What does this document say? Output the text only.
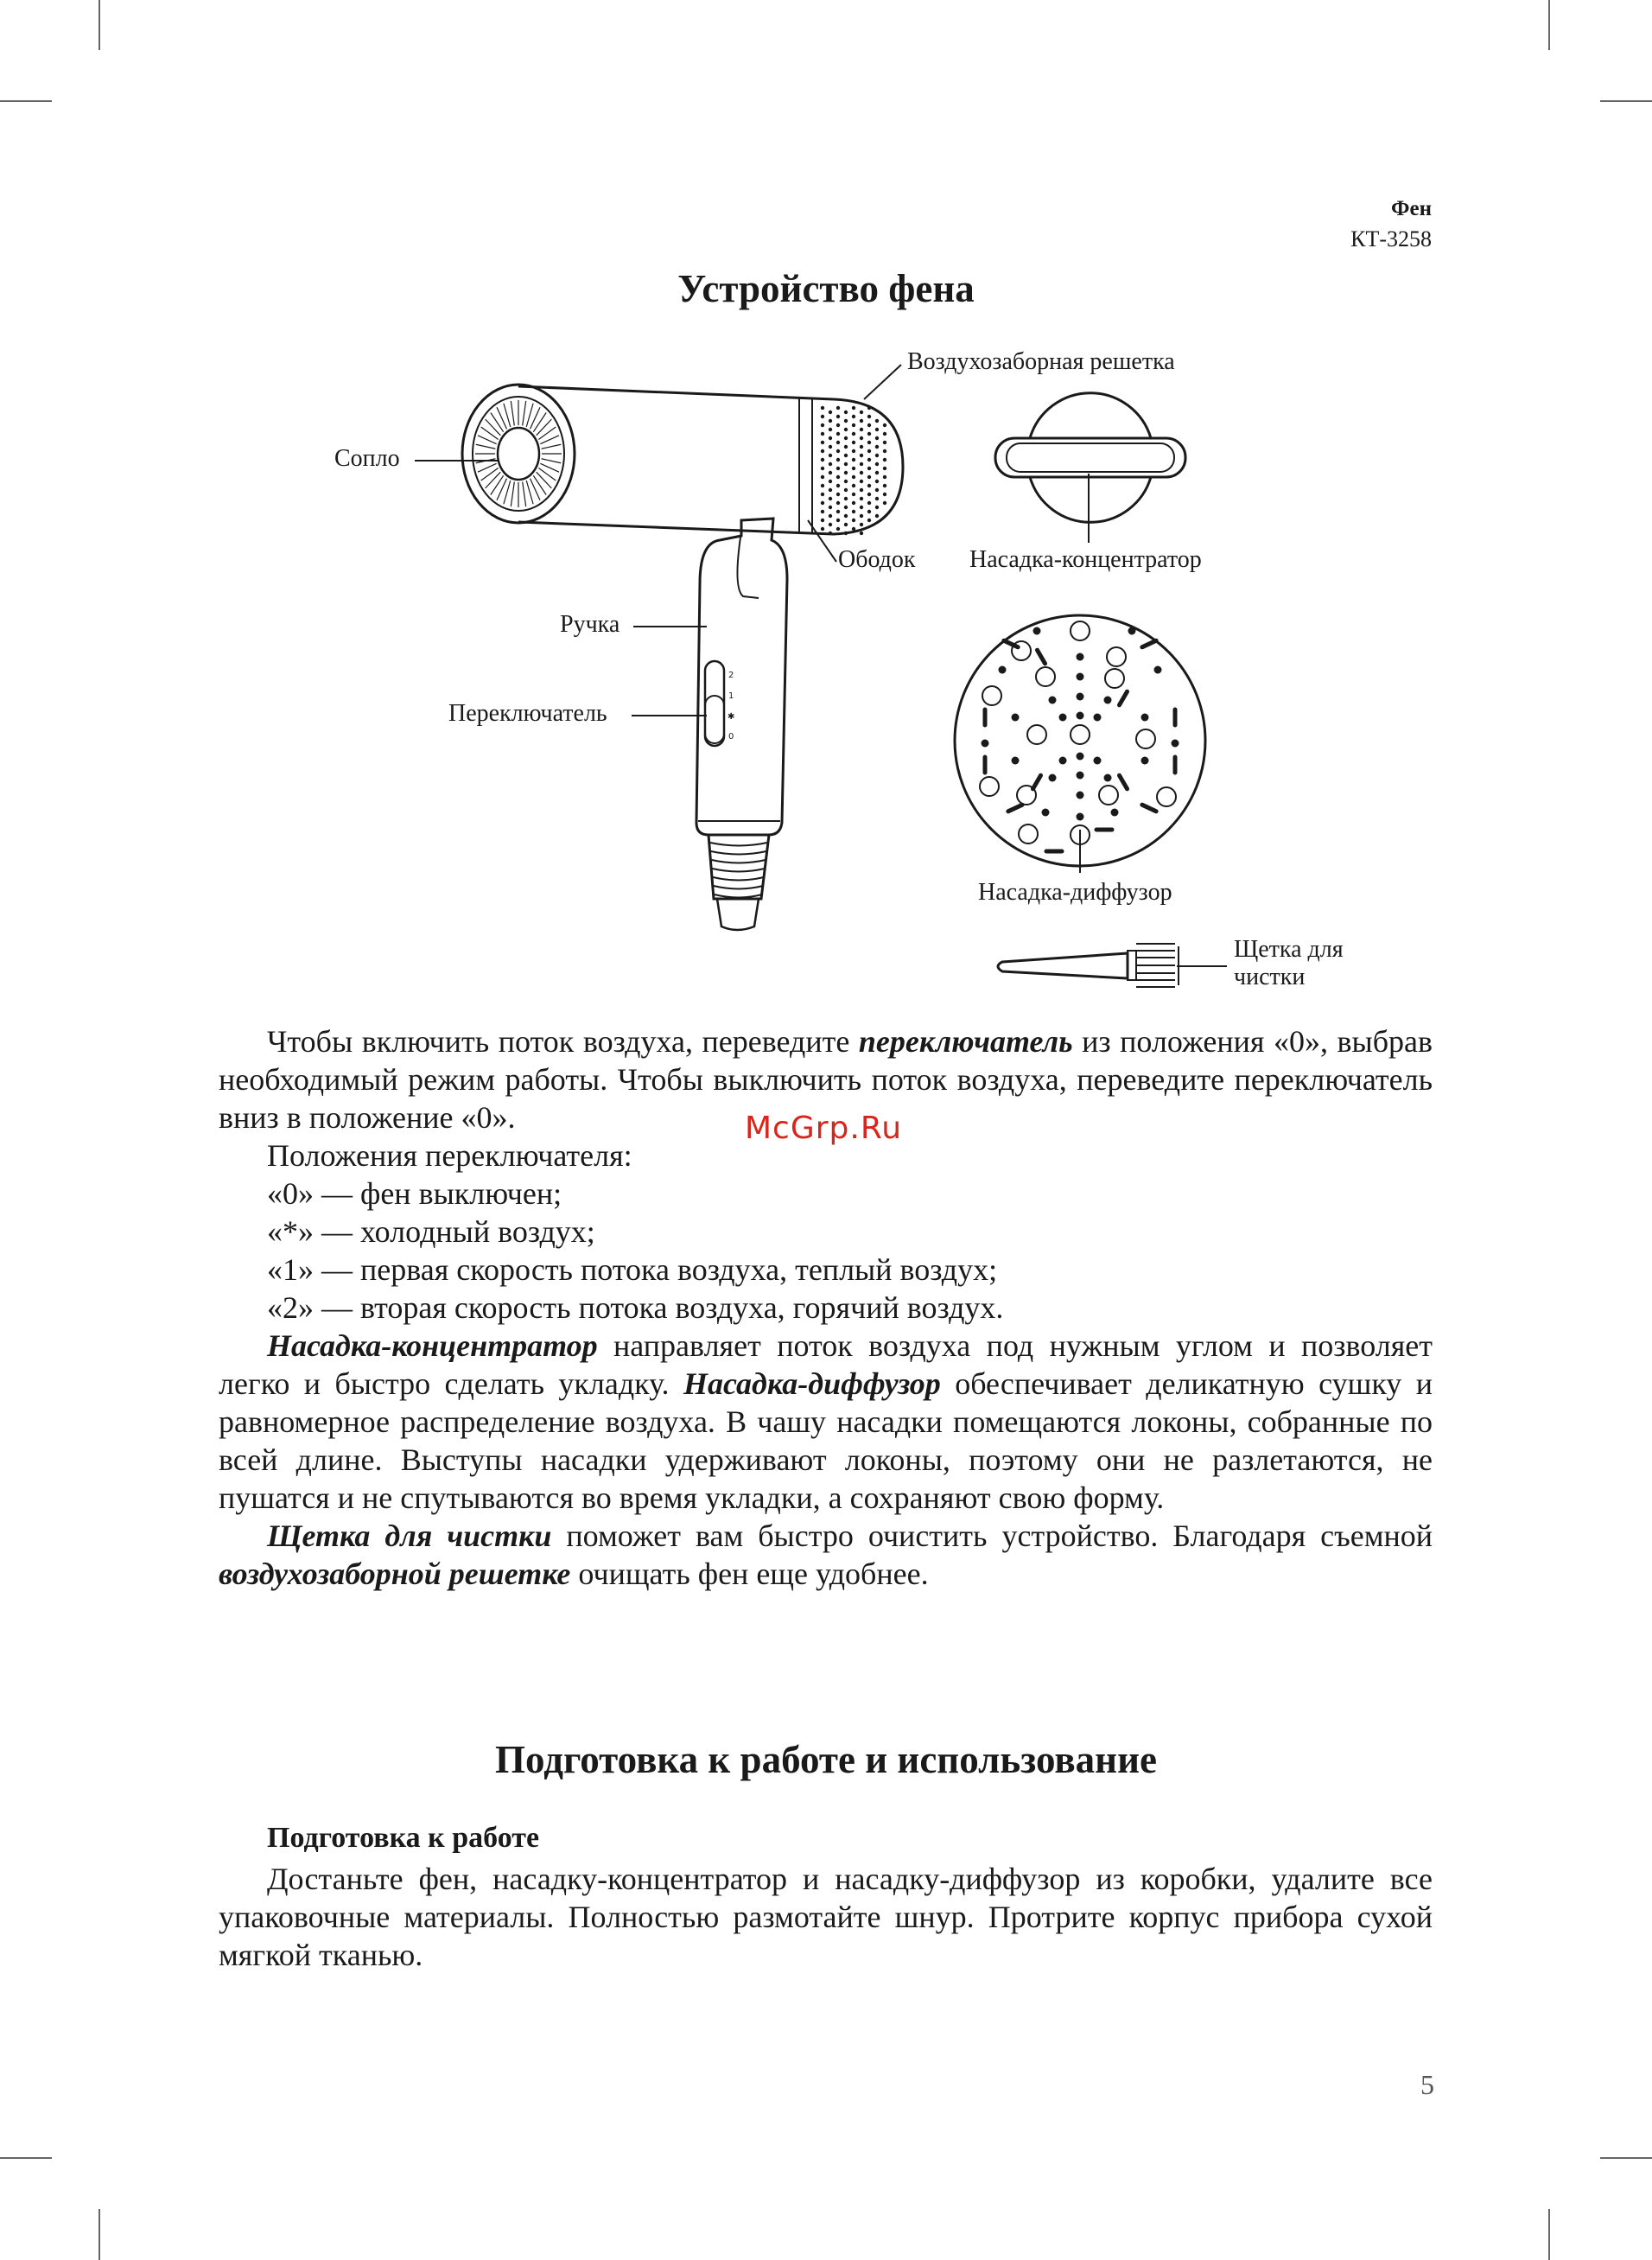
Фен
КТ-3258
Устройство фена
2
1
✱
0
Воздухозаборная решетка
Сопло
Ободок Насадка-концентратор
Ручка
Переключатель
Насадка-диффузор
Щетка для
чистки

Чтобы включить поток воздуха, переведите переключатель из положения «0», выбрав необходимый режим работы. Чтобы выключить поток воздуха, переведите переключатель вниз в положение «0».

Положения переключателя:

«0» — фен выключен;

«*» — холодный воздух;

«1» — первая скорость потока воздуха, теплый воздух;

«2» — вторая скорость потока воздуха, горячий воздух.

Насадка-концентратор направляет поток воздуха под нужным углом и позволяет легко и быстро сделать укладку. Насадка-диффузор обеспечивает деликатную сушку и равномерное распределение воздуха. В чашу насадки помещаются локоны, собранные по всей длине. Выступы насадки удерживают локоны, поэтому они не разлетаются, не пушатся и не спутываются во время укладки, а сохраняют свою форму.

Щетка для чистки поможет вам быстро очистить устройство. Благодаря съемной воздухозаборной решетке очищать фен еще удобнее.

McGrp.Ru
Подготовка к работе и использование
Подготовка к работе

Достаньте фен, насадку-концентратор и насадку-диффузор из коробки, удалите все упаковочные материалы. Полностью размотайте шнур. Протрите корпус прибора сухой мягкой тканью.

5
